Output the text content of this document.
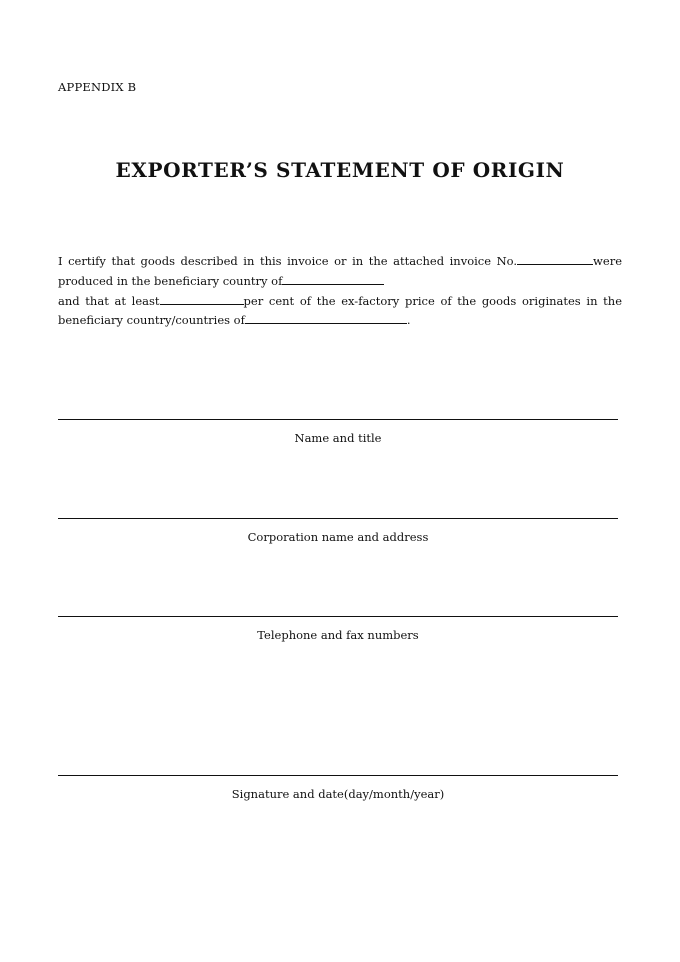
APPENDIX B
EXPORTER’S STATEMENT OF ORIGIN
I certify that goods described in this invoice or in the attached invoice No.	were
produced in the beneficiary country of
and that at least	per cent of the ex-factory price of the goods originates in the
beneficiary country/countries of	.
Name and title
Corporation name and address
Telephone and fax numbers
Signature and date(day/month/year)
